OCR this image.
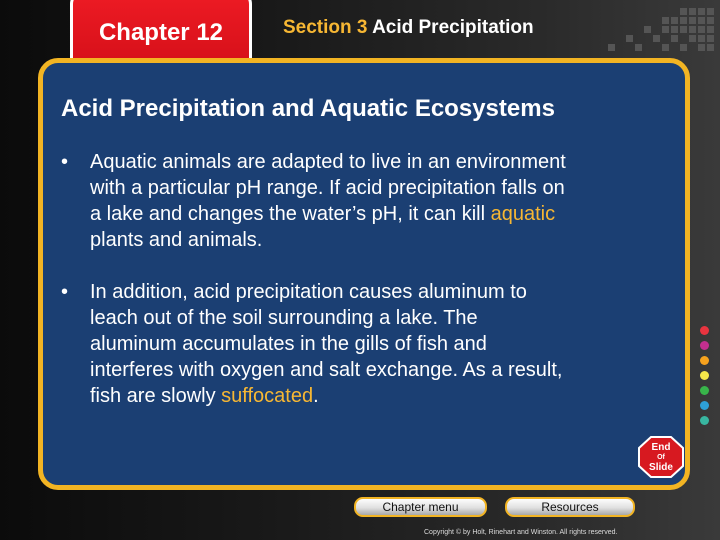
Chapter 12	Section 3 Acid Precipitation
Acid Precipitation and Aquatic Ecosystems
• Aquatic animals are adapted to live in an environment
with a particular pH range. If acid precipitation falls on
a lake and changes the water’s pH, it can kill aquatic
plants and animals.
• In addition, acid precipitation causes aluminum to
leach out of the soil surrounding a lake. The
aluminum accumulates in the gills of fish and
interferes with oxygen and salt exchange. As a result,
fish are slowly suffocated.
End
Of
Slide
Chapter menu	Resources
Copyright © by Holt, Rinehart and Winston. All rights reserved.
